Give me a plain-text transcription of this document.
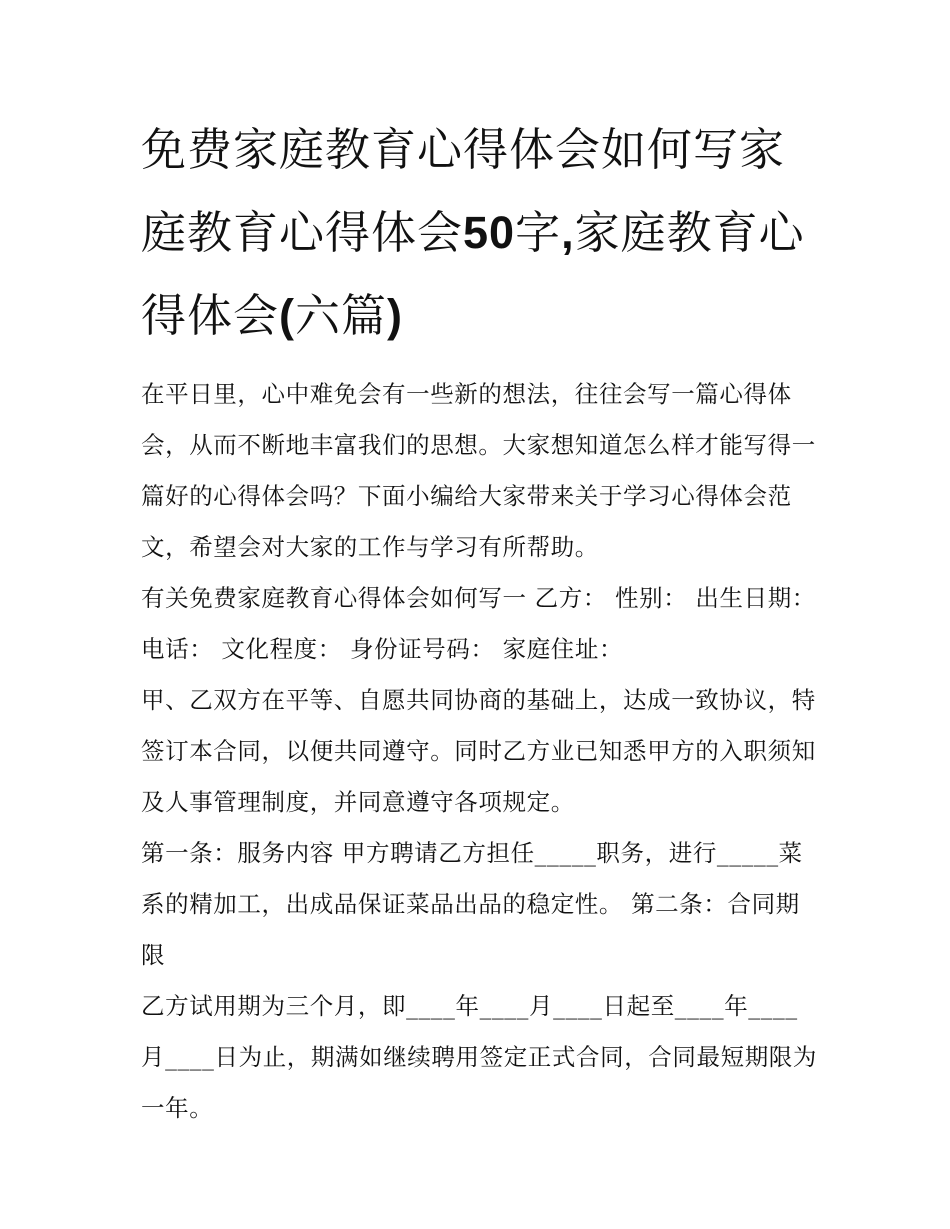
免费家庭教育心得体会如何写家庭教育心得体会50字,家庭教育心得体会(六篇)

在平日里，心中难免会有一些新的想法，往往会写一篇心得体会，从而不断地丰富我们的思想。大家想知道怎么样才能写得一篇好的心得体会吗？下面小编给大家带来关于学习心得体会范文，希望会对大家的工作与学习有所帮助。

有关免费家庭教育心得体会如何写一 乙方： 性别： 出生日期： 电话： 文化程度： 身份证号码： 家庭住址：

甲、乙双方在平等、自愿共同协商的基础上，达成一致协议，特签订本合同，以便共同遵守。同时乙方业已知悉甲方的入职须知及人事管理制度，并同意遵守各项规定。

第一条：服务内容 甲方聘请乙方担任_____职务，进行_____菜系的精加工，出成品保证菜品出品的稳定性。 第二条：合同期限

乙方试用期为三个月，即____年____月____日起至____年____月____日为止，期满如继续聘用签定正式合同，合同最短期限为一年。
